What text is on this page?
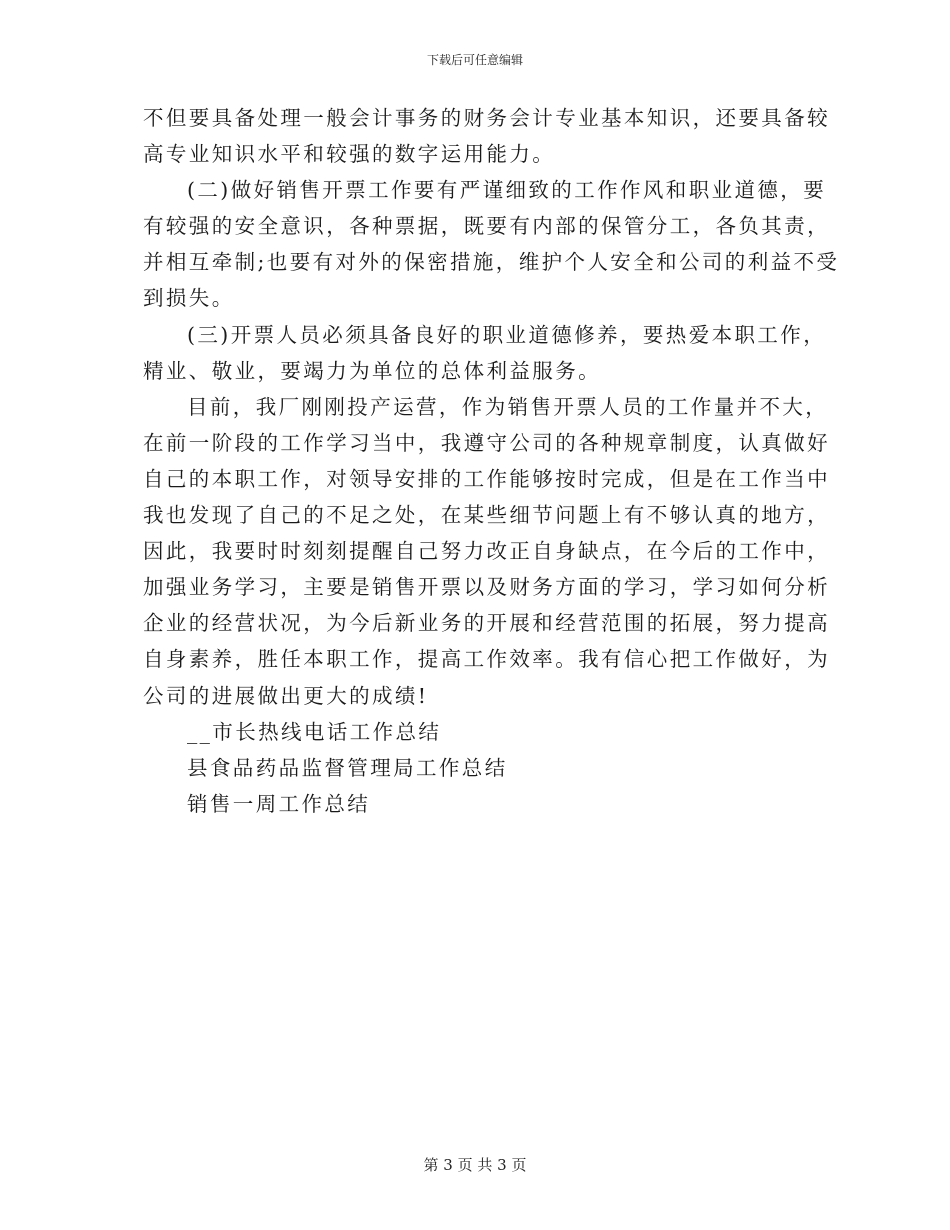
下载后可任意编辑
不但要具备处理一般会计事务的财务会计专业基本知识，还要具备较
高专业知识水平和较强的数字运用能力。
(二)做好销售开票工作要有严谨细致的工作作风和职业道德，要
有较强的安全意识，各种票据，既要有内部的保管分工，各负其责，
并相互牵制;也要有对外的保密措施，维护个人安全和公司的利益不受
到损失。
(三)开票人员必须具备良好的职业道德修养，要热爱本职工作，
精业、敬业，要竭力为单位的总体利益服务。
目前，我厂刚刚投产运营，作为销售开票人员的工作量并不大，
在前一阶段的工作学习当中，我遵守公司的各种规章制度，认真做好
自己的本职工作，对领导安排的工作能够按时完成，但是在工作当中
我也发现了自己的不足之处，在某些细节问题上有不够认真的地方，
因此，我要时时刻刻提醒自己努力改正自身缺点，在今后的工作中，
加强业务学习，主要是销售开票以及财务方面的学习，学习如何分析
企业的经营状况，为今后新业务的开展和经营范围的拓展，努力提高
自身素养，胜任本职工作，提高工作效率。我有信心把工作做好，为
公司的进展做出更大的成绩!
__市长热线电话工作总结
县食品药品监督管理局工作总结
销售一周工作总结
第 3 页 共 3 页
